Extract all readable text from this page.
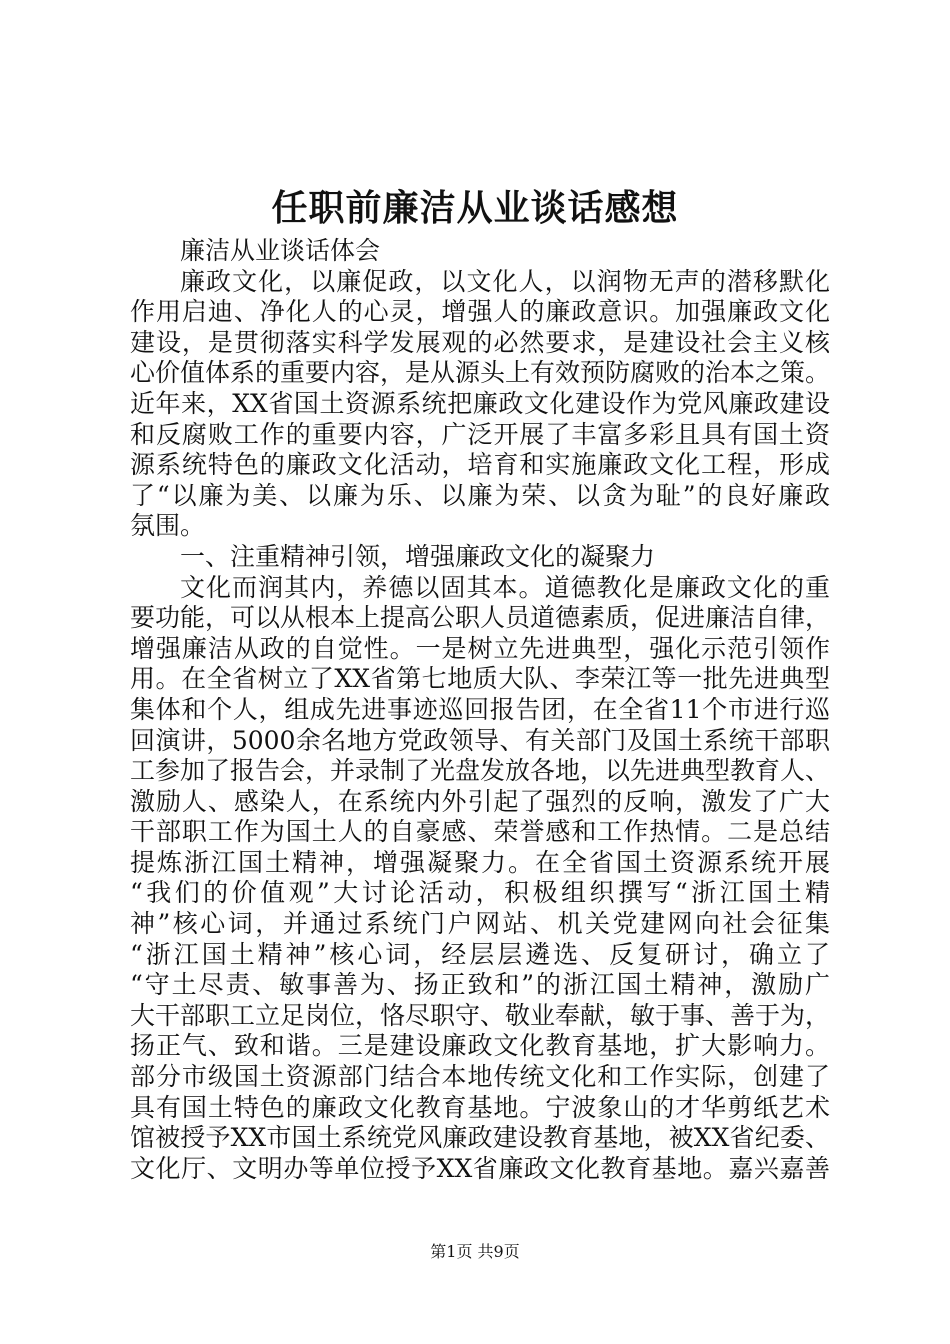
任职前廉洁从业谈话感想
廉洁从业谈话体会
廉政文化，以廉促政，以文化人，以润物无声的潜移默化
作用启迪、净化人的心灵，增强人的廉政意识。加强廉政文化
建设，是贯彻落实科学发展观的必然要求，是建设社会主义核
心价值体系的重要内容，是从源头上有效预防腐败的治本之策。
近年来，XX省国土资源系统把廉政文化建设作为党风廉政建设
和反腐败工作的重要内容，广泛开展了丰富多彩且具有国土资
源系统特色的廉政文化活动，培育和实施廉政文化工程，形成
了“以廉为美、以廉为乐、以廉为荣、以贪为耻”的良好廉政
氛围。
一、注重精神引领，增强廉政文化的凝聚力
文化而润其内，养德以固其本。道德教化是廉政文化的重
要功能，可以从根本上提高公职人员道德素质，促进廉洁自律，
增强廉洁从政的自觉性。一是树立先进典型，强化示范引领作
用。在全省树立了XX省第七地质大队、李荣江等一批先进典型
集体和个人，组成先进事迹巡回报告团，在全省11个市进行巡
回演讲，5000余名地方党政领导、有关部门及国土系统干部职
工参加了报告会，并录制了光盘发放各地，以先进典型教育人、
激励人、感染人，在系统内外引起了强烈的反响，激发了广大
干部职工作为国土人的自豪感、荣誉感和工作热情。二是总结
提炼浙江国土精神，增强凝聚力。在全省国土资源系统开展
“我们的价值观”大讨论活动，积极组织撰写“浙江国土精
神”核心词，并通过系统门户网站、机关党建网向社会征集
“浙江国土精神”核心词，经层层遴选、反复研讨，确立了
“守土尽责、敏事善为、扬正致和”的浙江国土精神，激励广
大干部职工立足岗位，恪尽职守、敬业奉献，敏于事、善于为，
扬正气、致和谐。三是建设廉政文化教育基地，扩大影响力。
部分市级国土资源部门结合本地传统文化和工作实际，创建了
具有国土特色的廉政文化教育基地。宁波象山的才华剪纸艺术
馆被授予XX市国土系统党风廉政建设教育基地，被XX省纪委、
文化厅、文明办等单位授予XX省廉政文化教育基地。嘉兴嘉善
第1页 共9页
